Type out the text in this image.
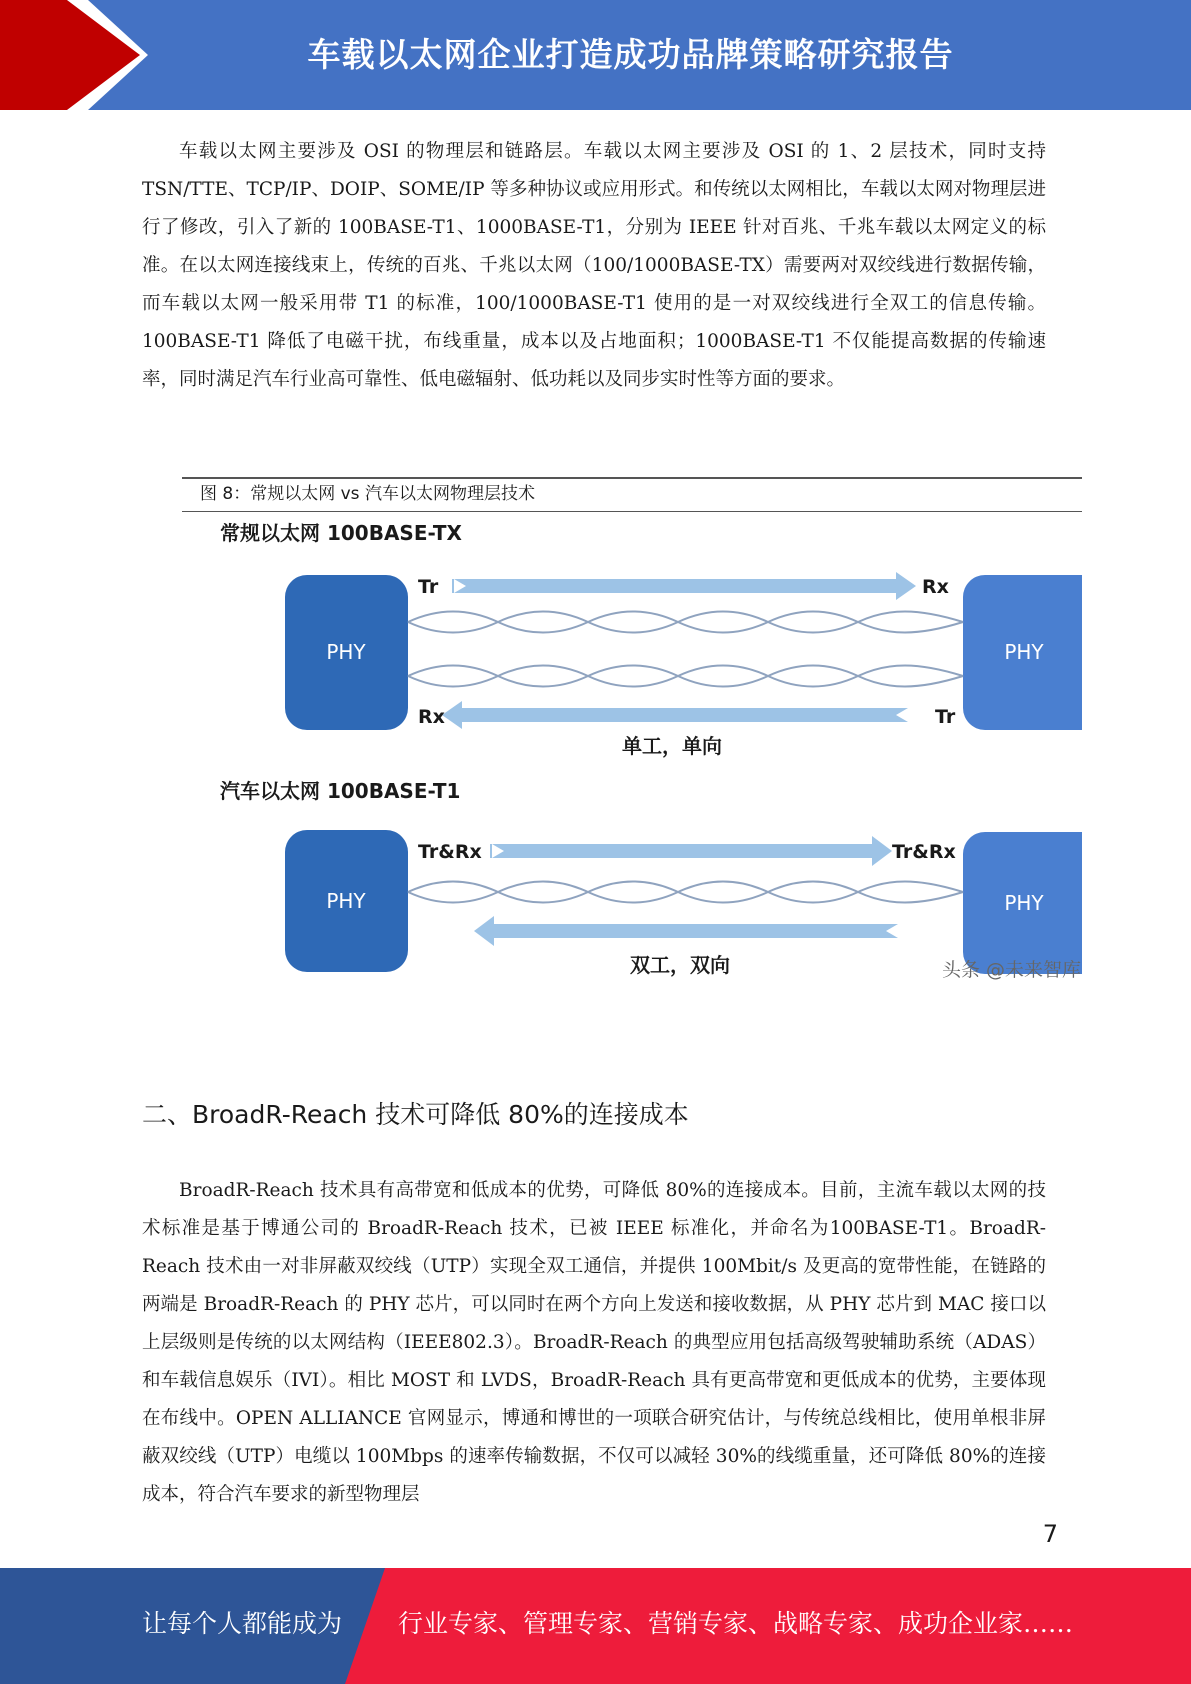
车载以太网企业打造成功品牌策略研究报告

车载以太网主要涉及 OSI 的物理层和链路层。车载以太网主要涉及 OSI 的 1、2 层技术，同时支持 TSN/TTE、TCP/IP、DOIP、SOME/IP 等多种协议或应用形式。和传统以太网相比，车载以太网对物理层进行了修改，引入了新的 100BASE-T1、1000BASE-T1，分别为 IEEE 针对百兆、千兆车载以太网定义的标准。在以太网连接线束上，传统的百兆、千兆以太网（100/1000BASE-TX）需要两对双绞线进行数据传输，而车载以太网一般采用带 T1 的标准，100/1000BASE-T1 使用的是一对双绞线进行全双工的信息传输。100BASE-T1 降低了电磁干扰，布线重量，成本以及占地面积；1000BASE-T1 不仅能提高数据的传输速率，同时满足汽车行业高可靠性、低电磁辐射、低功耗以及同步实时性等方面的要求。

图 8：常规以太网 vs 汽车以太网物理层技术
常规以太网 100BASE-TX
PHY	PHY
Tr	Rx
Rx	Tr
单工，单向
汽车以太网 100BASE-T1
PHY	PHY
Tr&Rx	Tr&Rx
双工，双向	头条 @未来智库
二、BroadR-Reach 技术可降低 80%的连接成本

BroadR-Reach 技术具有高带宽和低成本的优势，可降低 80%的连接成本。目前，主流车载以太网的技术标准是基于博通公司的 BroadR-Reach 技术，已被 IEEE 标准化，并命名为100BASE-T1。BroadR-Reach 技术由一对非屏蔽双绞线（UTP）实现全双工通信，并提供 100Mbit/s 及更高的宽带性能，在链路的两端是 BroadR-Reach 的 PHY 芯片，可以同时在两个方向上发送和接收数据，从 PHY 芯片到 MAC 接口以上层级则是传统的以太网结构（IEEE802.3）。BroadR-Reach 的典型应用包括高级驾驶辅助系统（ADAS）和车载信息娱乐（IVI）。相比 MOST 和 LVDS，BroadR-Reach 具有更高带宽和更低成本的优势，主要体现在布线中。OPEN ALLIANCE 官网显示，博通和博世的一项联合研究估计，与传统总线相比，使用单根非屏蔽双绞线（UTP）电缆以 100Mbps 的速率传输数据，不仅可以减轻 30%的线缆重量，还可降低 80%的连接成本，符合汽车要求的新型物理层

7
让每个人都能成为 行业专家、管理专家、营销专家、战略专家、成功企业家……
